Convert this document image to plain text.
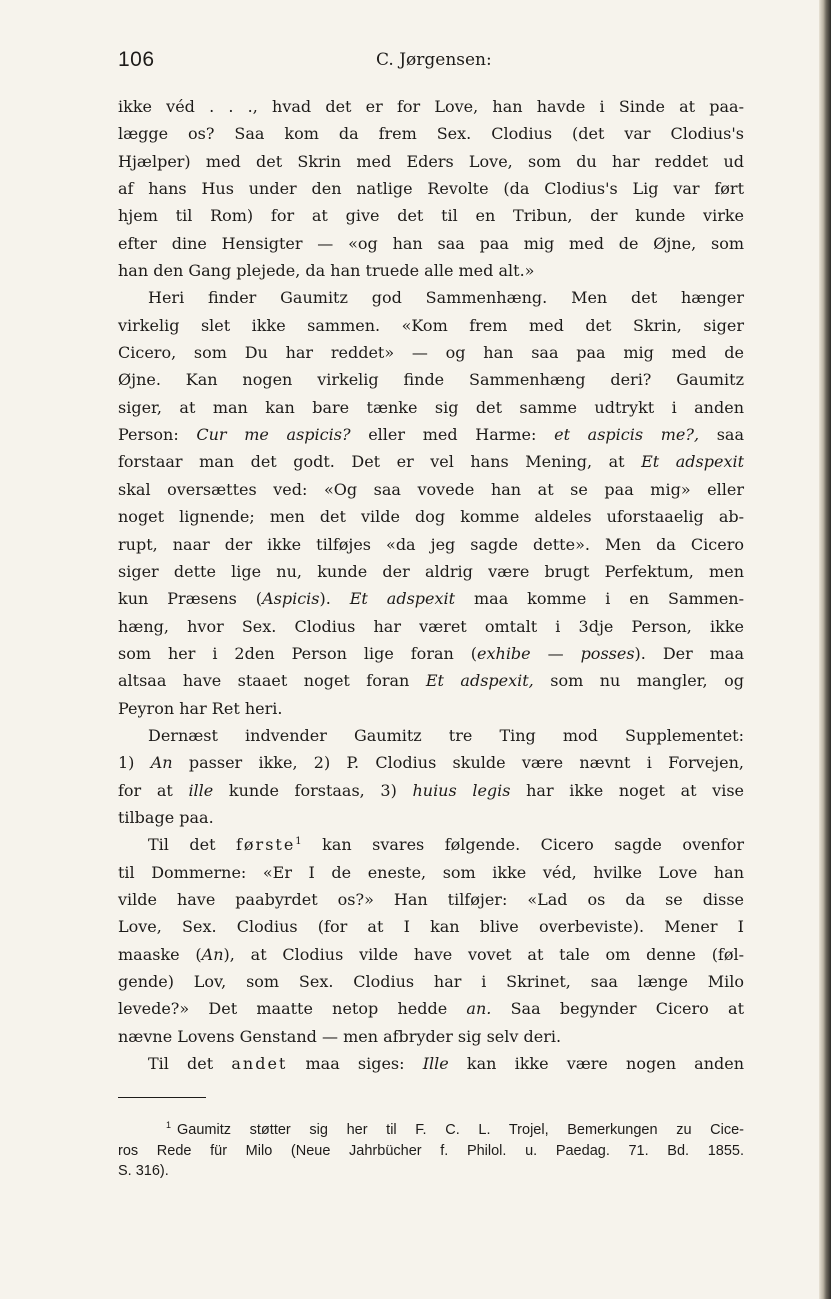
106	C. Jørgensen:
ikke véd . . ., hvad det er for Love, han havde i Sinde at paa-
lægge os? Saa kom da frem Sex. Clodius (det var Clodius's
Hjælper) med det Skrin med Eders Love, som du har reddet ud
af hans Hus under den natlige Revolte (da Clodius's Lig var ført
hjem til Rom) for at give det til en Tribun, der kunde virke
efter dine Hensigter — «og han saa paa mig med de Øjne, som
han den Gang plejede, da han truede alle med alt.»
Heri finder Gaumitz god Sammenhæng. Men det hænger
virkelig slet ikke sammen. «Kom frem med det Skrin, siger
Cicero, som Du har reddet» — og han saa paa mig med de
Øjne. Kan nogen virkelig finde Sammenhæng deri? Gaumitz
siger, at man kan bare tænke sig det samme udtrykt i anden
Person: Cur me aspicis? eller med Harme: et aspicis me?, saa
forstaar man det godt. Det er vel hans Mening, at Et adspexit
skal oversættes ved: «Og saa vovede han at se paa mig» eller
noget lignende; men det vilde dog komme aldeles uforstaaelig ab-
rupt, naar der ikke tilføjes «da jeg sagde dette». Men da Cicero
siger dette lige nu, kunde der aldrig være brugt Perfektum, men
kun Præsens (Aspicis). Et adspexit maa komme i en Sammen-
hæng, hvor Sex. Clodius har været omtalt i 3dje Person, ikke
som her i 2den Person lige foran (exhibe — posses). Der maa
altsaa have staaet noget foran Et adspexit, som nu mangler, og
Peyron har Ret heri.
Dernæst indvender Gaumitz tre Ting mod Supplementet:
1) An passer ikke, 2) P. Clodius skulde være nævnt i Forvejen,
for at ille kunde forstaas, 3) huius legis har ikke noget at vise
tilbage paa.
Til det første$^1$ kan svares følgende. Cicero sagde ovenfor
til Dommerne: «Er I de eneste, som ikke véd, hvilke Love han
vilde have paabyrdet os?» Han tilføjer: «Lad os da se disse
Love, Sex. Clodius (for at I kan blive overbeviste). Mener I
maaske (An), at Clodius vilde have vovet at tale om denne (føl-
gende) Lov, som Sex. Clodius har i Skrinet, saa længe Milo
levede?» Det maatte netop hedde an. Saa begynder Cicero at
nævne Lovens Genstand — men afbryder sig selv deri.
Til det andet maa siges: Ille kan ikke være nogen anden
$^1$ Gaumitz støtter sig her til F. C. L. Trojel, Bemerkungen zu Cice-
ros Rede für Milo (Neue Jahrbücher f. Philol. u. Paedag. 71. Bd. 1855.
S. 316).
